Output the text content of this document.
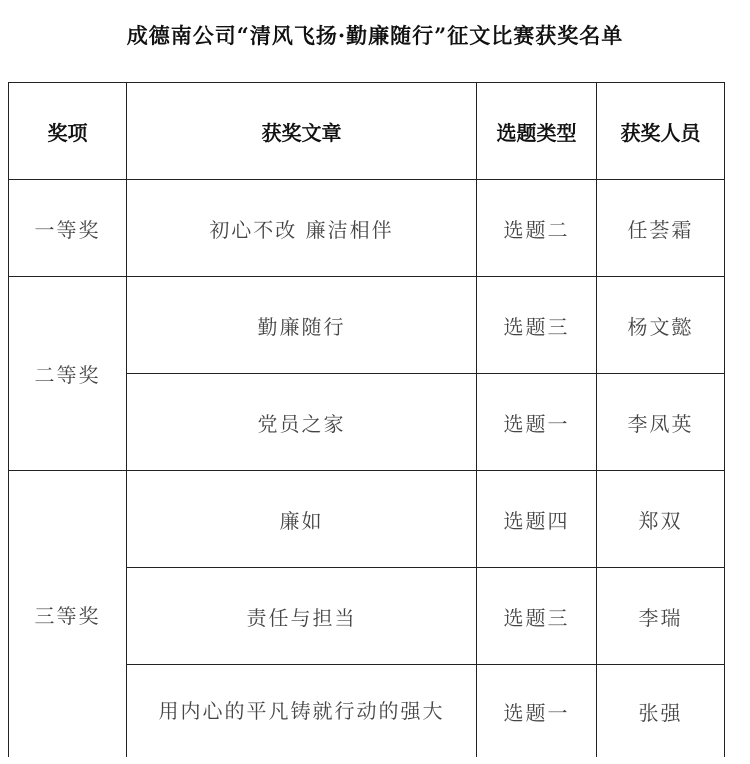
成德南公司“清风飞扬·勤廉随行”征文比赛获奖名单
奖项	获奖文章	选题类型	获奖人员
一等奖	初心不改 廉洁相伴	选题二	任荟霜
二等奖	勤廉随行	选题三	杨文懿
	党员之家	选题一	李凤英
三等奖	廉如	选题四	郑双
	责任与担当	选题三	李瑞
	用内心的平凡铸就行动的强大	选题一	张强
